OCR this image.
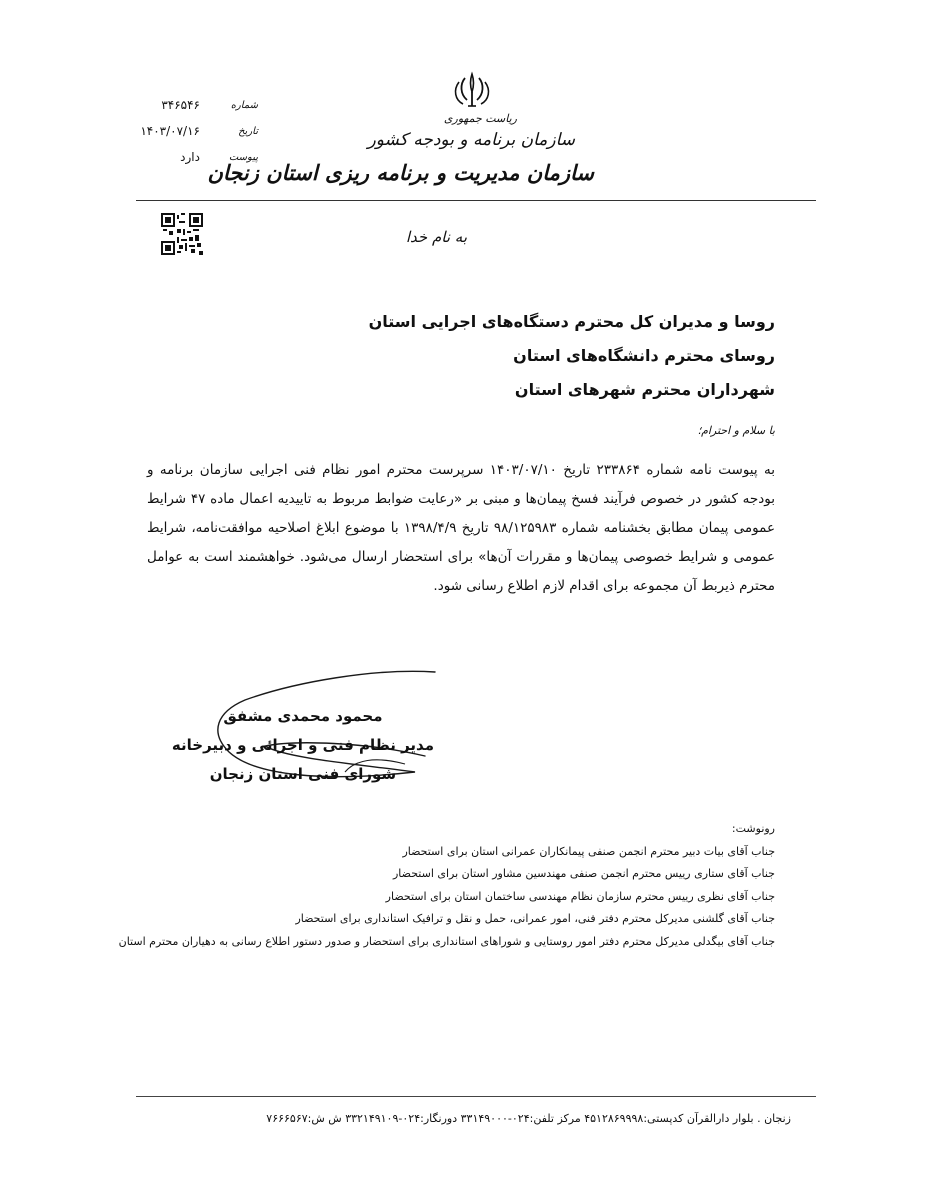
ریاست جمهوری
سازمان برنامه و بودجه کشور
سازمان مدیریت و برنامه ریزی استان زنجان
شماره
۳۴۶۵۴۶
تاریخ
۱۴۰۳/۰۷/۱۶
پیوست
دارد
به نام خدا
روسا و مدیران کل محترم دستگاه‌های اجرایی استان
روسای محترم دانشگاه‌های استان
شهرداران محترم شهرهای استان
با سلام و احترام؛

به پیوست نامه شماره ۲۳۳۸۶۴ تاریخ ۱۴۰۳/۰۷/۱۰ سرپرست محترم امور نظام فنی اجرایی سازمان برنامه و بودجه کشور در خصوص فرآیند فسخ پیمان‌ها و مبنی بر «رعایت ضوابط مربوط به تاییدیه اعمال ماده ۴۷ شرایط عمومی پیمان مطابق بخشنامه شماره ۹۸/۱۲۵۹۸۳ تاریخ ۱۳۹۸/۴/۹ با موضوع ابلاغ اصلاحیه موافقت‌نامه، شرایط عمومی و شرایط خصوصی پیمان‌ها و مقررات آن‌ها» برای استحضار ارسال می‌شود. خواهشمند است به عوامل محترم ذیربط آن مجموعه برای اقدام لازم اطلاع رسانی شود.

محمود محمدی مشفق
مدیر نظام فنی و اجرائی و دبیرخانه
شورای فنی استان زنجان
رونوشت:
جناب آقای بیات دبیر محترم انجمن صنفی پیمانکاران عمرانی استان برای استحضار
جناب آقای ستاری رییس محترم انجمن صنفی مهندسین مشاور استان برای استحضار
جناب آقای نظری رییس محترم سازمان نظام مهندسی ساختمان استان برای استحضار
جناب آقای گلشنی مدیرکل محترم دفتر فنی، امور عمرانی، حمل و نقل و ترافیک استانداری برای استحضار
جناب آقای بیگدلی مدیرکل محترم دفتر امور روستایی و شوراهای استانداری برای استحضار و صدور دستور اطلاع رسانی به دهیاران محترم استان
زنجان . بلوار دارالقرآن کدپستی:۴۵۱۲۸۶۹۹۹۸ مرکز تلفن:۰۲۴-۳۳۱۴۹۰۰۰ دورنگار:۰۲۴-۳۳۲۱۴۹۱۰۹ ش ش:۷۶۶۶۵۶۷
